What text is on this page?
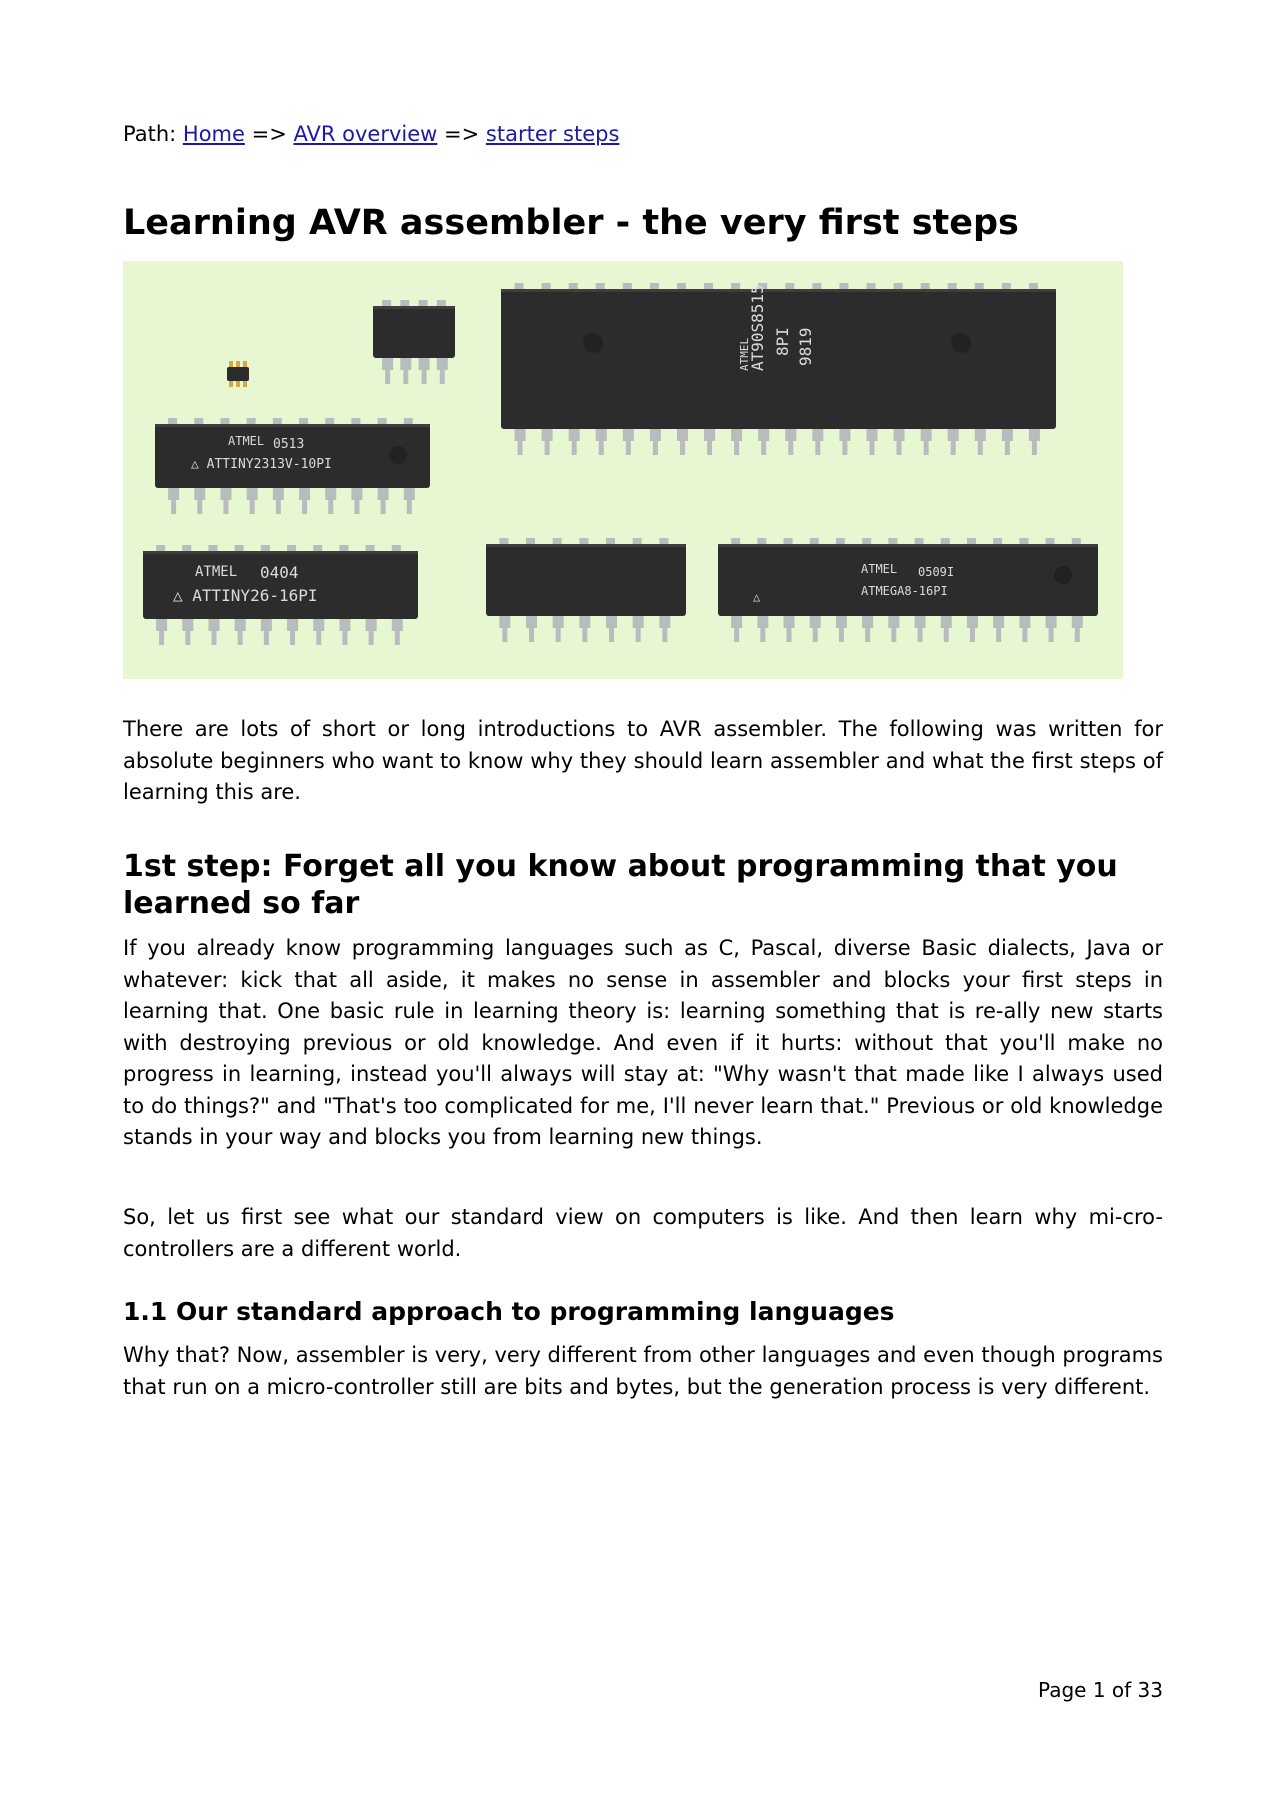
Path: Home => AVR overview => starter steps
Learning AVR assembler - the very first steps
AT90S8515 8PI 9819
ATMEL
ATMEL 0513
△ ATTINY2313V-10PI
ATMEL 0404
△ ATTINY26-16PI
ATMEL 0509I
ATMEGA8-16PI
△

There are lots of short or long introductions to AVR assembler. The following was written for absolute beginners who want to know why they should learn assembler and what the first steps of learning this are.

1st step: Forget all you know about programming that you learned so far

If you already know programming languages such as C, Pascal, diverse Basic dialects, Java or whatever: kick that all aside, it makes no sense in assembler and blocks your first steps in learning that. One basic rule in learning theory is: learning something that is re-ally new starts with destroying previous or old knowledge. And even if it hurts: without that you'll make no progress in learning, instead you'll always will stay at: "Why wasn't that made like I always used to do things?" and "That's too complicated for me, I'll never learn that." Previous or old knowledge stands in your way and blocks you from learning new things.

So, let us first see what our standard view on computers is like. And then learn why mi-cro-controllers are a different world.

1.1 Our standard approach to programming languages

Why that? Now, assembler is very, very different from other languages and even though programs that run on a micro-controller still are bits and bytes, but the generation process is very different.

Page 1 of 33
